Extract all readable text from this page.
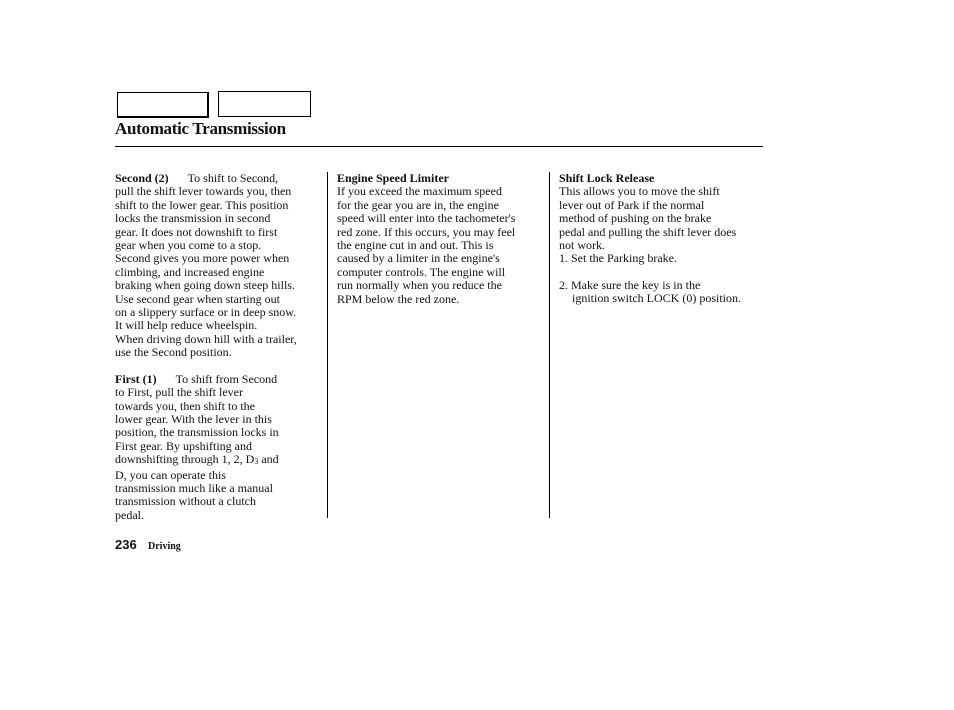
Automatic Transmission
Second (2) To shift to Second,
pull the shift lever towards you, then
shift to the lower gear. This position
locks the transmission in second
gear. It does not downshift to first
gear when you come to a stop.
Second gives you more power when
climbing, and increased engine
braking when going down steep hills.
Use second gear when starting out
on a slippery surface or in deep snow.
It will help reduce wheelspin.
When driving down hill with a trailer,
use the Second position.
First (1) To shift from Second
to First, pull the shift lever
towards you, then shift to the
lower gear. With the lever in this
position, the transmission locks in
First gear. By upshifting and
downshifting through 1, 2, D3 and
D, you can operate this
transmission much like a manual
transmission without a clutch
pedal.
Engine Speed Limiter
If you exceed the maximum speed
for the gear you are in, the engine
speed will enter into the tachometer's
red zone. If this occurs, you may feel
the engine cut in and out. This is
caused by a limiter in the engine's
computer controls. The engine will
run normally when you reduce the
RPM below the red zone.
Shift Lock Release
This allows you to move the shift
lever out of Park if the normal
method of pushing on the brake
pedal and pulling the shift lever does
not work.
1. Set the Parking brake.
2. Make sure the key is in the
ignition switch LOCK (0) position.
236 Driving
